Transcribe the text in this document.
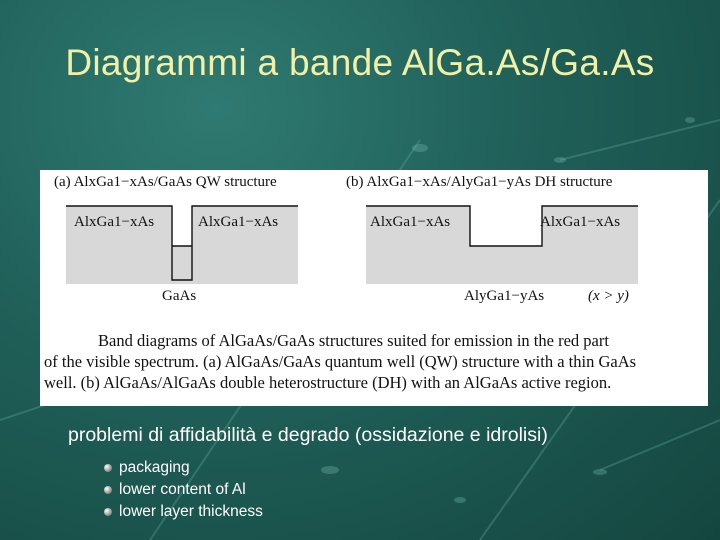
Diagrammi a bande AlGa.As/Ga.As
(a) AlxGa1−xAs/GaAs QW structure	(b) AlxGa1−xAs/AlyGa1−yAs DH structure
AlxGa1−xAs	AlxGa1−xAs
GaAs
AlxGa1−xAs	AlxGa1−xAs
AlyGa1−yAs	(x > y)
Band diagrams of AlGaAs/GaAs structures suited for emission in the red part
of the visible spectrum. (a) AlGaAs/GaAs quantum well (QW) structure with a thin GaAs
well. (b) AlGaAs/AlGaAs double heterostructure (DH) with an AlGaAs active region.
problemi di affidabilità e degrado (ossidazione e idrolisi)
packaging
lower content of Al
lower layer thickness
